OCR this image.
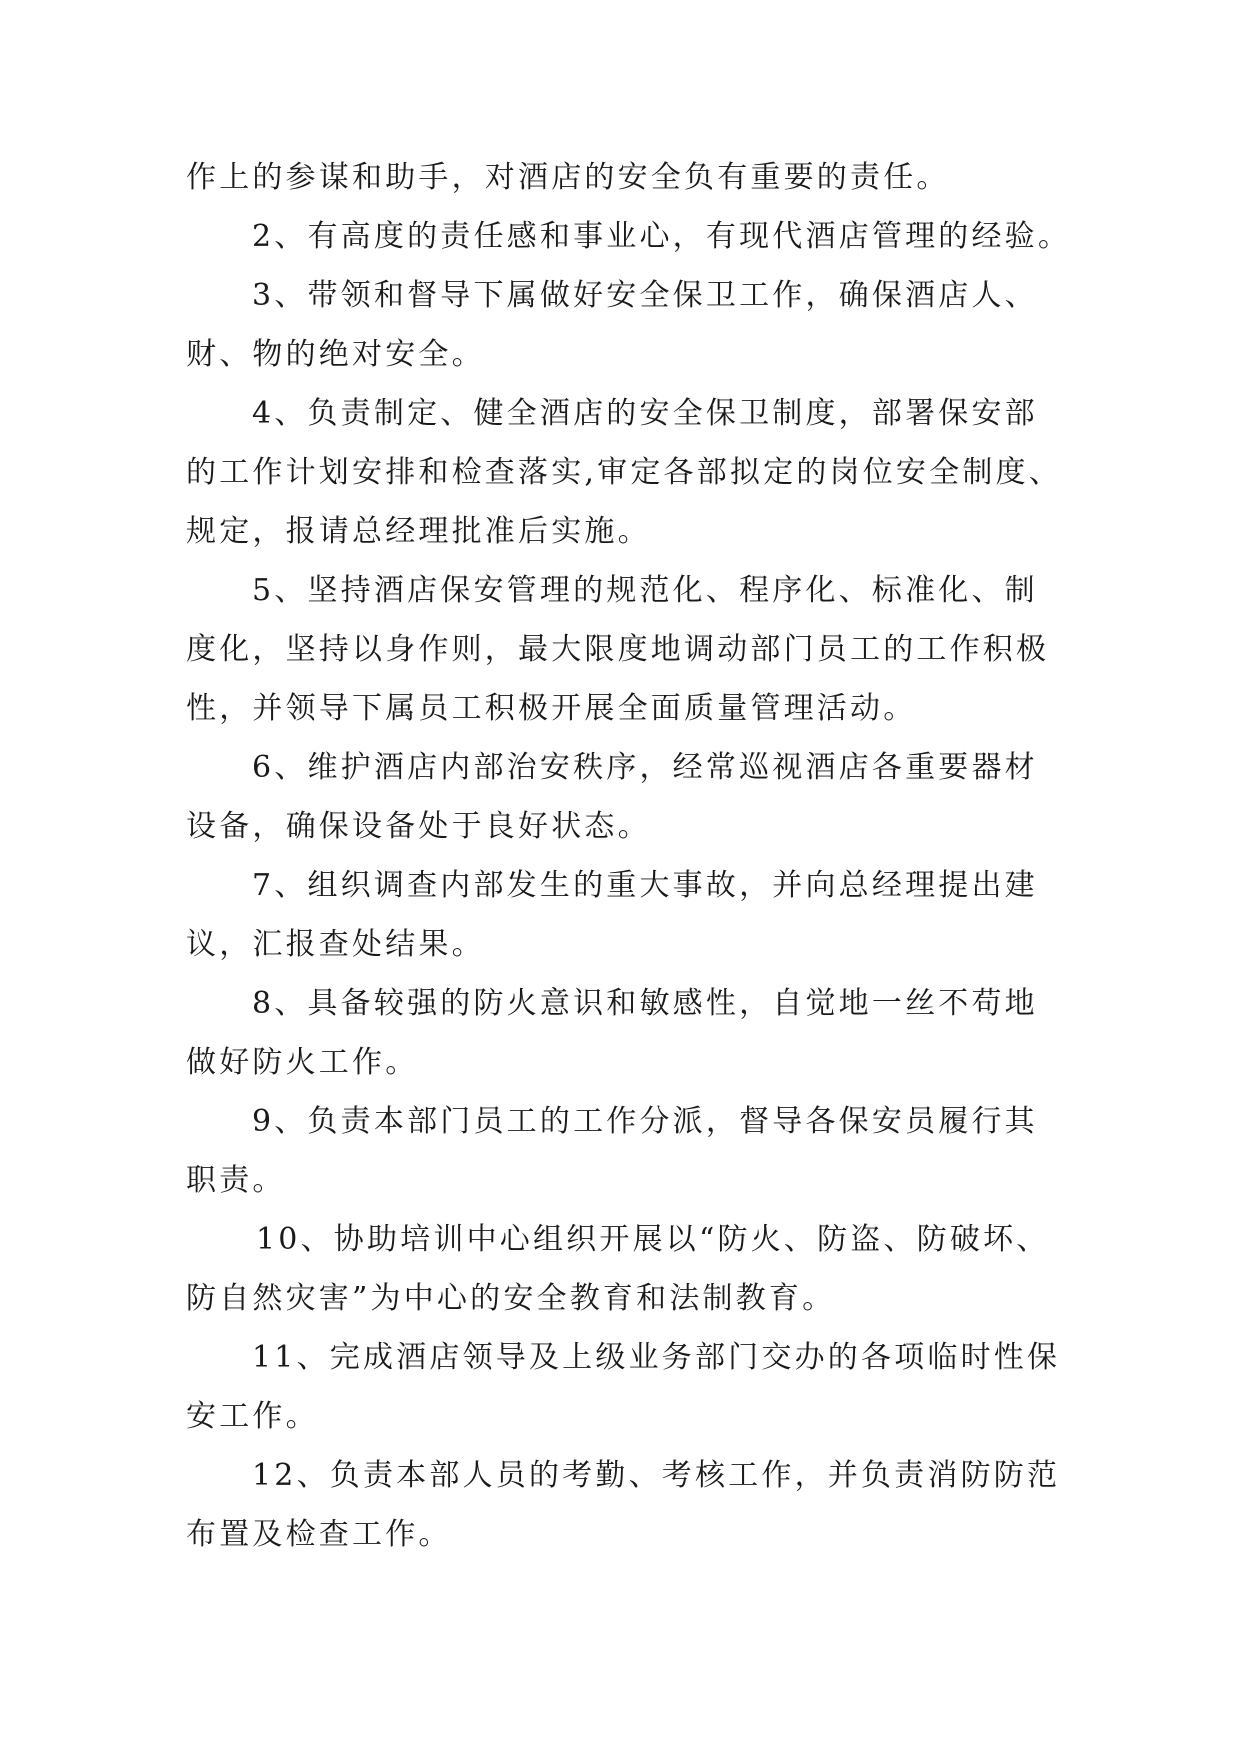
作上的参谋和助手，对酒店的安全负有重要的责任。
2、有高度的责任感和事业心，有现代酒店管理的经验。
3、带领和督导下属做好安全保卫工作，确保酒店人、
财、物的绝对安全。
4、负责制定、健全酒店的安全保卫制度，部署保安部
的工作计划安排和检查落实,审定各部拟定的岗位安全制度、
规定，报请总经理批准后实施。
5、坚持酒店保安管理的规范化、程序化、标准化、制
度化，坚持以身作则，最大限度地调动部门员工的工作积极
性，并领导下属员工积极开展全面质量管理活动。
6、维护酒店内部治安秩序，经常巡视酒店各重要器材
设备，确保设备处于良好状态。
7、组织调查内部发生的重大事故，并向总经理提出建
议，汇报查处结果。
8、具备较强的防火意识和敏感性，自觉地一丝不苟地
做好防火工作。
9、负责本部门员工的工作分派，督导各保安员履行其
职责。
10、协助培训中心组织开展以“防火、防盗、防破坏、
防自然灾害”为中心的安全教育和法制教育。
11、完成酒店领导及上级业务部门交办的各项临时性保
安工作。
12、负责本部人员的考勤、考核工作，并负责消防防范
布置及检查工作。
